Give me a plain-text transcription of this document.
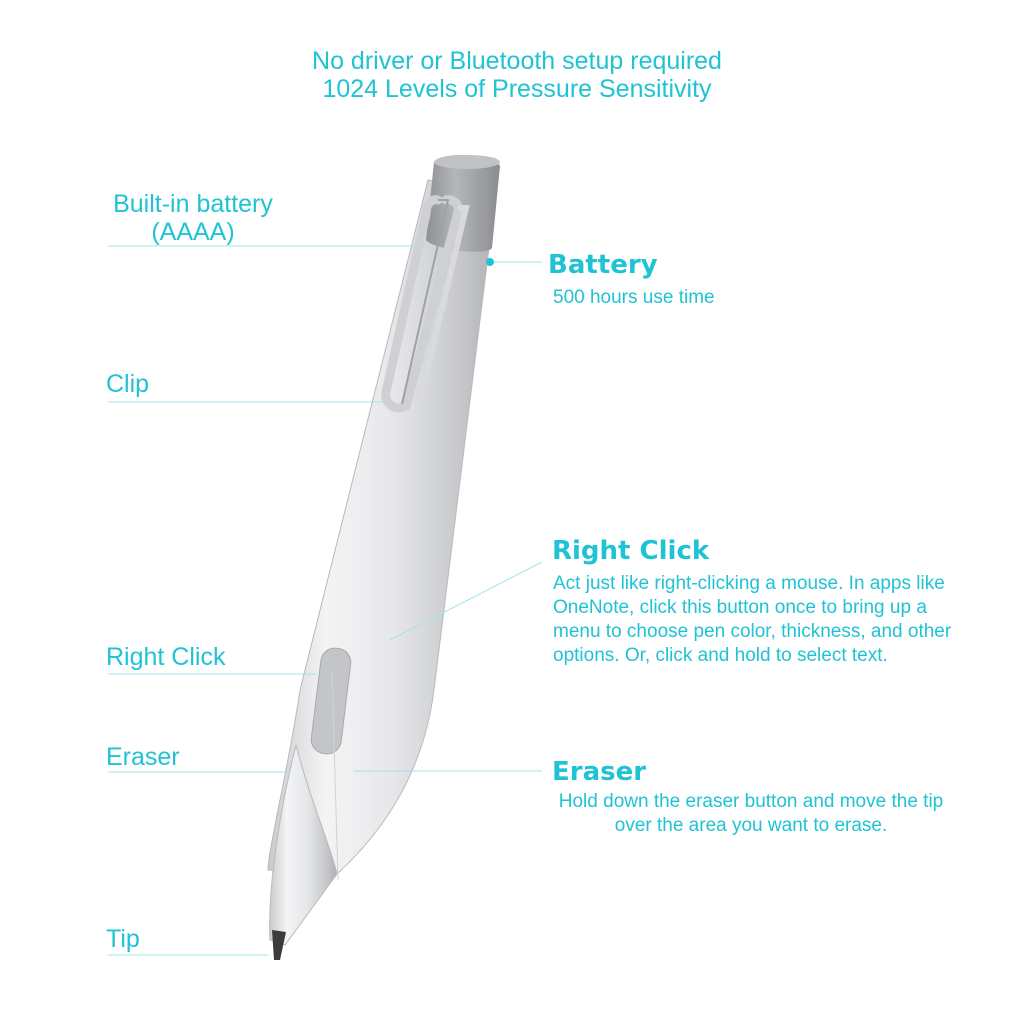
No driver or Bluetooth setup required
1024 Levels of Pressure Sensitivity
Built-in battery
(AAAA)
Clip
Right Click
Eraser
Tip
Battery
500 hours use time
Right Click
Act just like right-clicking a mouse. In apps like OneNote, click this button once to bring up a menu to choose pen color, thickness, and other options. Or, click and hold to select text.
Eraser
Hold down the eraser button and move the tip over the area you want to erase.
